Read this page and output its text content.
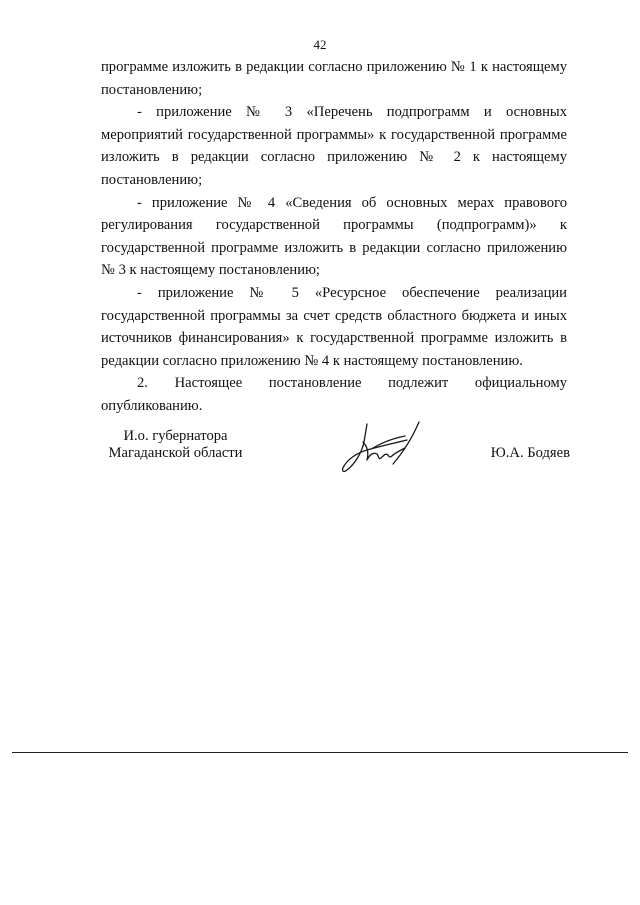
42

программе изложить в редакции согласно приложению № 1 к настоящему постановлению;

- приложение № 3 «Перечень подпрограмм и основных мероприятий государственной программы» к государственной программе изложить в редакции согласно приложению № 2 к настоящему постановлению;

- приложение № 4 «Сведения об основных мерах правового регулирования государственной программы (подпрограмм)» к государственной программе изложить в редакции согласно приложению № 3 к настоящему постановлению;

- приложение № 5 «Ресурсное обеспечение реализации государственной программы за счет средств областного бюджета и иных источников финансирования» к государственной программе изложить в редакции согласно приложению № 4 к настоящему постановлению.

2. Настоящее постановление подлежит официальному опубликованию.

И.о. губернатора
Магаданской области	Ю.А. Бодяев
